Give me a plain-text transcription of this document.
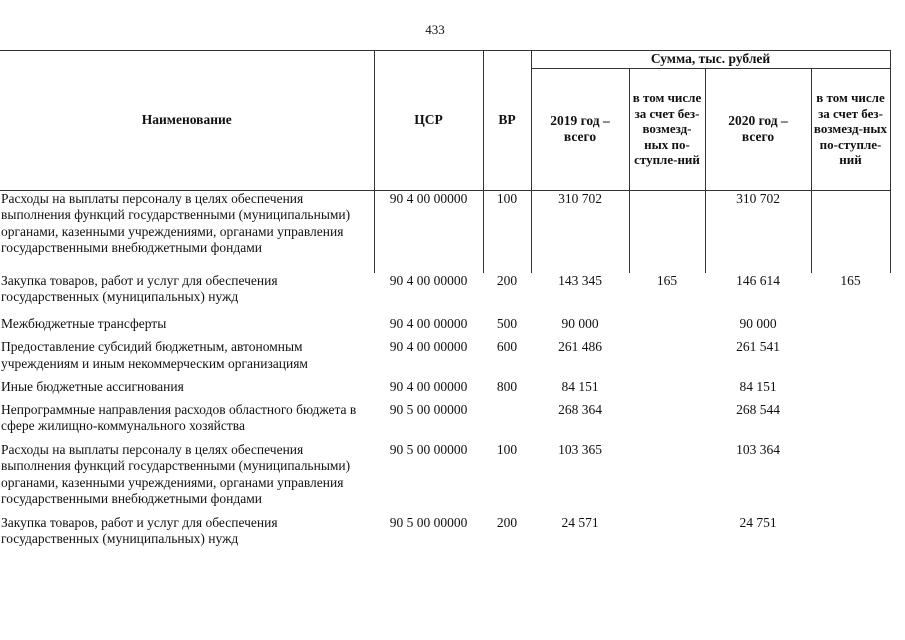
433
Наименование	ЦСР	ВР	Сумма, тыс. рублей			
			2019 год – всего	в том числе за счет без-возмезд-ных по-ступле-ний	2020 год – всего	в том числе за счет без-возмезд-ных по-ступле-ний
Расходы на выплаты персоналу в целях обеспечения выполнения функций государственными (муниципальными) органами, казенными учреждениями, органами управления государственными внебюджетными фондами	90 4 00 00000	100	310 702		310 702	
Закупка товаров, работ и услуг для обеспечения государственных (муниципальных) нужд	90 4 00 00000	200	143 345	165	146 614	165
Межбюджетные трансферты	90 4 00 00000	500	90 000		90 000	
Предоставление субсидий бюджетным, автономным учреждениям и иным некоммерческим организациям	90 4 00 00000	600	261 486		261 541	
Иные бюджетные ассигнования	90 4 00 00000	800	84 151		84 151	
Непрограммные направления расходов областного бюджета в сфере жилищно-коммунального хозяйства	90 5 00 00000		268 364		268 544	
Расходы на выплаты персоналу в целях обеспечения выполнения функций государственными (муниципальными) органами, казенными учреждениями, органами управления государственными внебюджетными фондами	90 5 00 00000	100	103 365		103 364	
Закупка товаров, работ и услуг для обеспечения государственных (муниципальных) нужд	90 5 00 00000	200	24 571		24 751	
